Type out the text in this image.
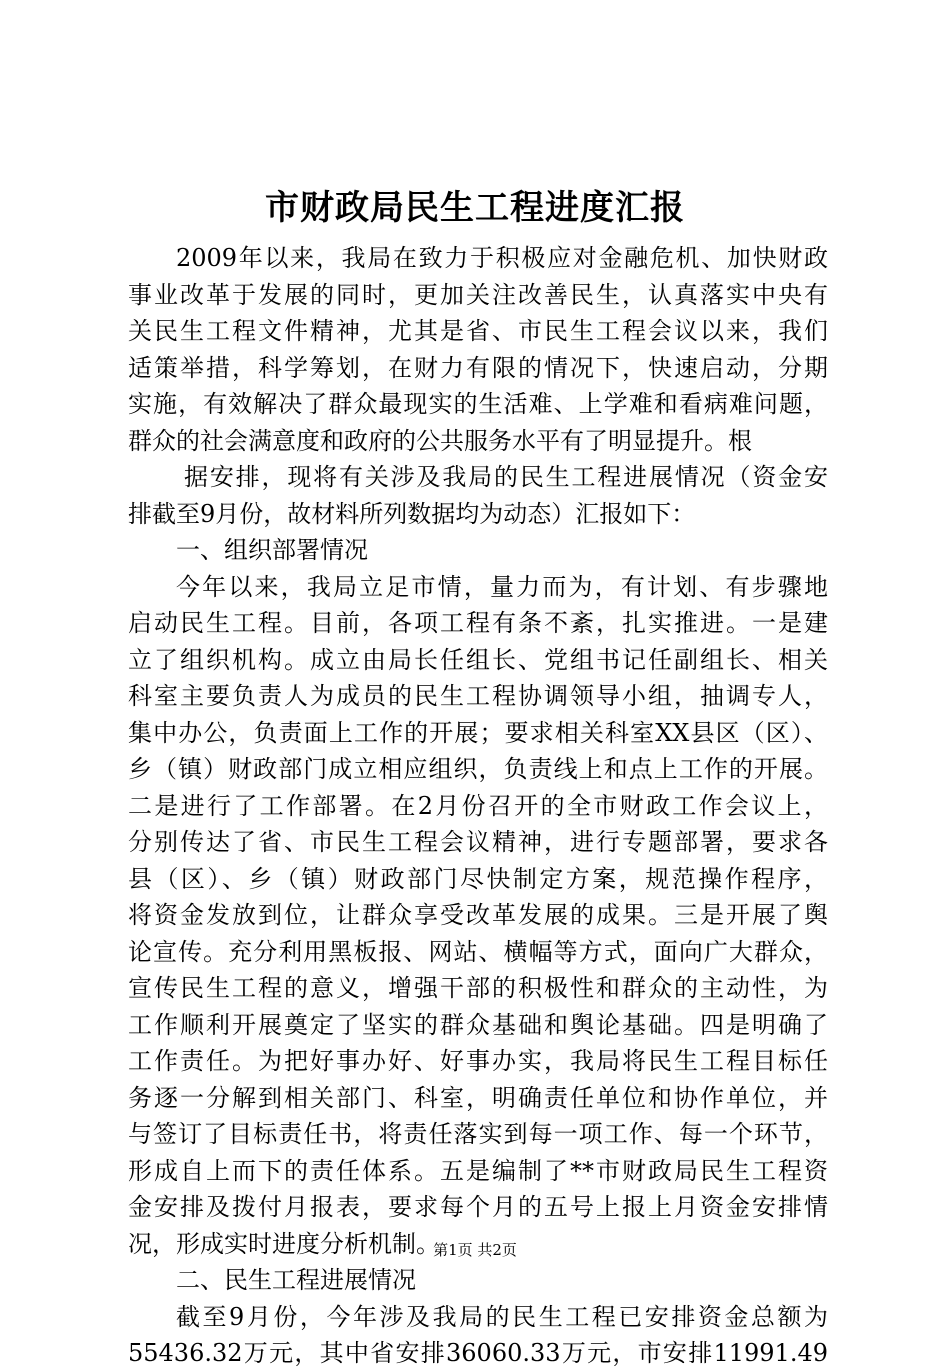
市财政局民生工程进度汇报
2009年以来，我局在致力于积极应对金融危机、加快财政
事业改革于发展的同时，更加关注改善民生，认真落实中央有
关民生工程文件精神，尤其是省、市民生工程会议以来，我们
适策举措，科学筹划，在财力有限的情况下，快速启动，分期
实施，有效解决了群众最现实的生活难、上学难和看病难问题，
群众的社会满意度和政府的公共服务水平有了明显提升。根
据安排，现将有关涉及我局的民生工程进展情况（资金安
排截至9月份，故材料所列数据均为动态）汇报如下：
一、组织部署情况
今年以来，我局立足市情，量力而为，有计划、有步骤地
启动民生工程。目前，各项工程有条不紊，扎实推进。一是建
立了组织机构。成立由局长任组长、党组书记任副组长、相关
科室主要负责人为成员的民生工程协调领导小组，抽调专人，
集中办公，负责面上工作的开展；要求相关科室XX县区（区）、
乡（镇）财政部门成立相应组织，负责线上和点上工作的开展。
二是进行了工作部署。在2月份召开的全市财政工作会议上，
分别传达了省、市民生工程会议精神，进行专题部署，要求各
县（区）、乡（镇）财政部门尽快制定方案，规范操作程序，
将资金发放到位，让群众享受改革发展的成果。三是开展了舆
论宣传。充分利用黑板报、网站、横幅等方式，面向广大群众，
宣传民生工程的意义，增强干部的积极性和群众的主动性，为
工作顺利开展奠定了坚实的群众基础和舆论基础。四是明确了
工作责任。为把好事办好、好事办实，我局将民生工程目标任
务逐一分解到相关部门、科室，明确责任单位和协作单位，并
与签订了目标责任书，将责任落实到每一项工作、每一个环节，
形成自上而下的责任体系。五是编制了**市财政局民生工程资
金安排及拨付月报表，要求每个月的五号上报上月资金安排情
况，形成实时进度分析机制。
二、民生工程进展情况
截至9月份，今年涉及我局的民生工程已安排资金总额为
55436.32万元，其中省安排36060.33万元，市安排11991.49
第1页 共2页
